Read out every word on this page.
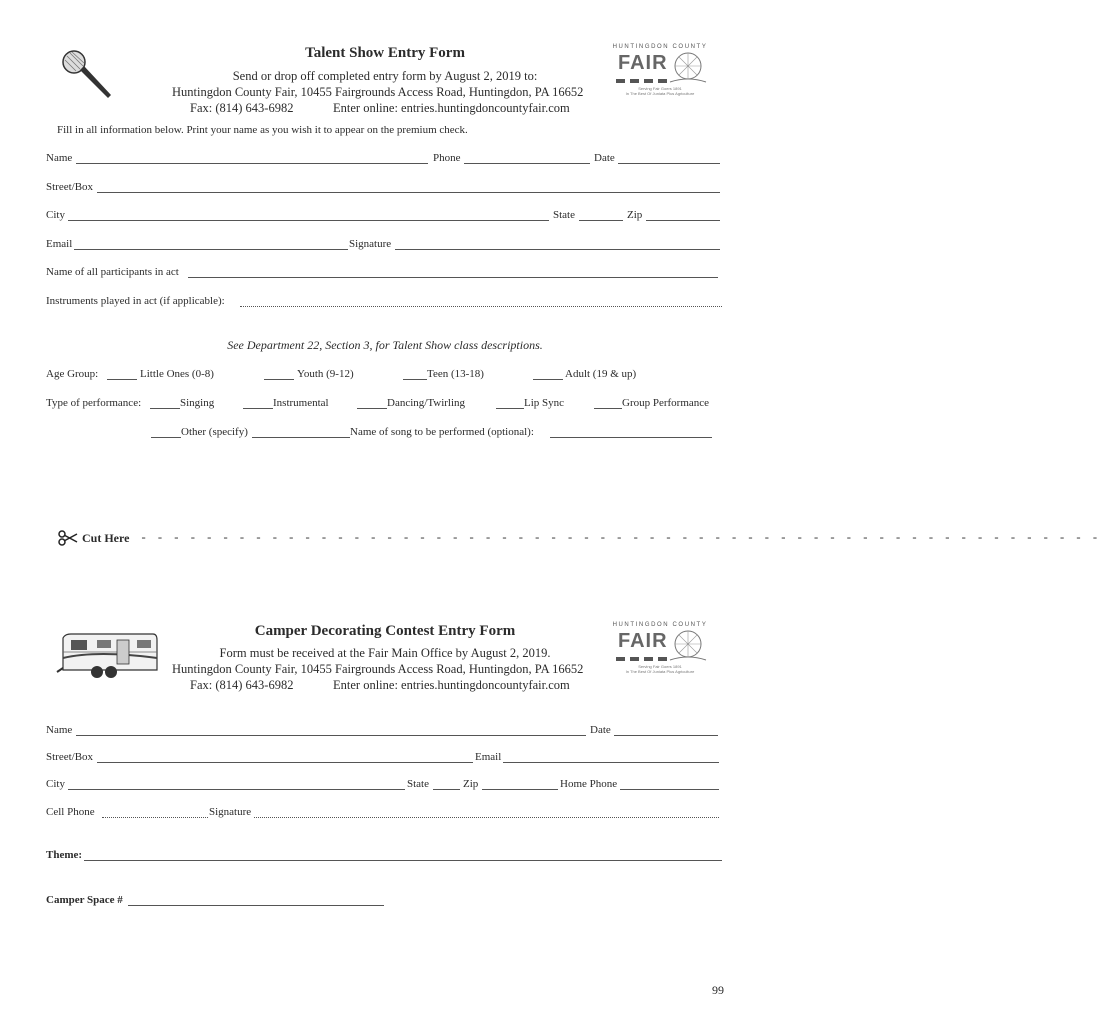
Talent Show Entry Form
Send or drop off completed entry form by August 2, 2019 to:
Huntingdon County Fair, 10455 Fairgrounds Access Road, Huntingdon, PA 16652
Fax: (814) 643-6982	Enter online: entries.huntingdoncountyfair.com
HUNTINGDON COUNTY
FAIR
Serving Fair Goers 1891
In The Best Of Juniata Plus Agriculture
Fill in all information below. Print your name as you wish it to appear on the premium check.
Name	Phone	Date
Street/Box
City	State	Zip
Email	Signature
Name of all participants in act
Instruments played in act (if applicable):
See Department 22, Section 3, for Talent Show class descriptions.
Age Group:	Little Ones (0-8)	Youth (9-12)	Teen (13-18)	Adult (19 & up)
Type of performance:	Singing	Instrumental	Dancing/Twirling	Lip Sync	Group Performance
Other (specify)	Name of song to be performed (optional):
Cut Here - - - - - - - - - - - - - - - - - - - - - - - - - - - - - - - - - - - - - - - - - - - - - - - - - - - - - - - - - - -
Camper Decorating Contest Entry Form
Form must be received at the Fair Main Office by August 2, 2019.
Huntingdon County Fair, 10455 Fairgrounds Access Road, Huntingdon, PA 16652
Fax: (814) 643-6982	Enter online: entries.huntingdoncountyfair.com
HUNTINGDON COUNTY
FAIR
Serving Fair Goers 1891
In The Best Of Juniata Plus Agriculture
Name	Date
Street/Box	Email
City	State	Zip	Home Phone
Cell Phone	Signature
Theme:
Camper Space #
99
